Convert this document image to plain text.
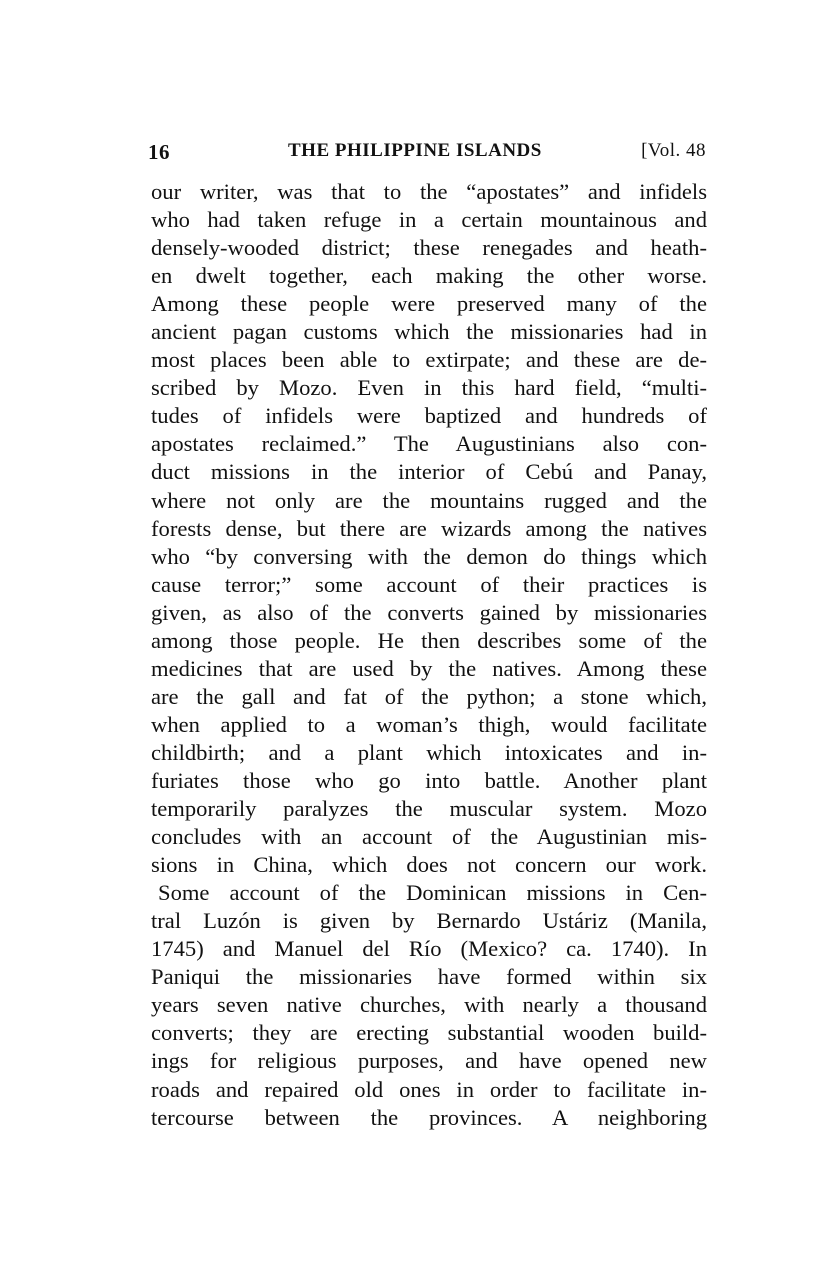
16	THE PHILIPPINE ISLANDS	[Vol. 48
our writer, was that to the “apostates” and infidels
who had taken refuge in a certain mountainous and
densely-wooded district; these renegades and heath-
en dwelt together, each making the other worse.
Among these people were preserved many of the
ancient pagan customs which the missionaries had in
most places been able to extirpate; and these are de-
scribed by Mozo. Even in this hard field, “multi-
tudes of infidels were baptized and hundreds of
apostates reclaimed.” The Augustinians also con-
duct missions in the interior of Cebú and Panay,
where not only are the mountains rugged and the
forests dense, but there are wizards among the natives
who “by conversing with the demon do things which
cause terror;” some account of their practices is
given, as also of the converts gained by missionaries
among those people. He then describes some of the
medicines that are used by the natives. Among these
are the gall and fat of the python; a stone which,
when applied to a woman’s thigh, would facilitate
childbirth; and a plant which intoxicates and in-
furiates those who go into battle. Another plant
temporarily paralyzes the muscular system. Mozo
concludes with an account of the Augustinian mis-
sions in China, which does not concern our work.
Some account of the Dominican missions in Cen-
tral Luzón is given by Bernardo Ustáriz (Manila,
1745) and Manuel del Río (Mexico? ca. 1740). In
Paniqui the missionaries have formed within six
years seven native churches, with nearly a thousand
converts; they are erecting substantial wooden build-
ings for religious purposes, and have opened new
roads and repaired old ones in order to facilitate in-
tercourse between the provinces. A neighboring
